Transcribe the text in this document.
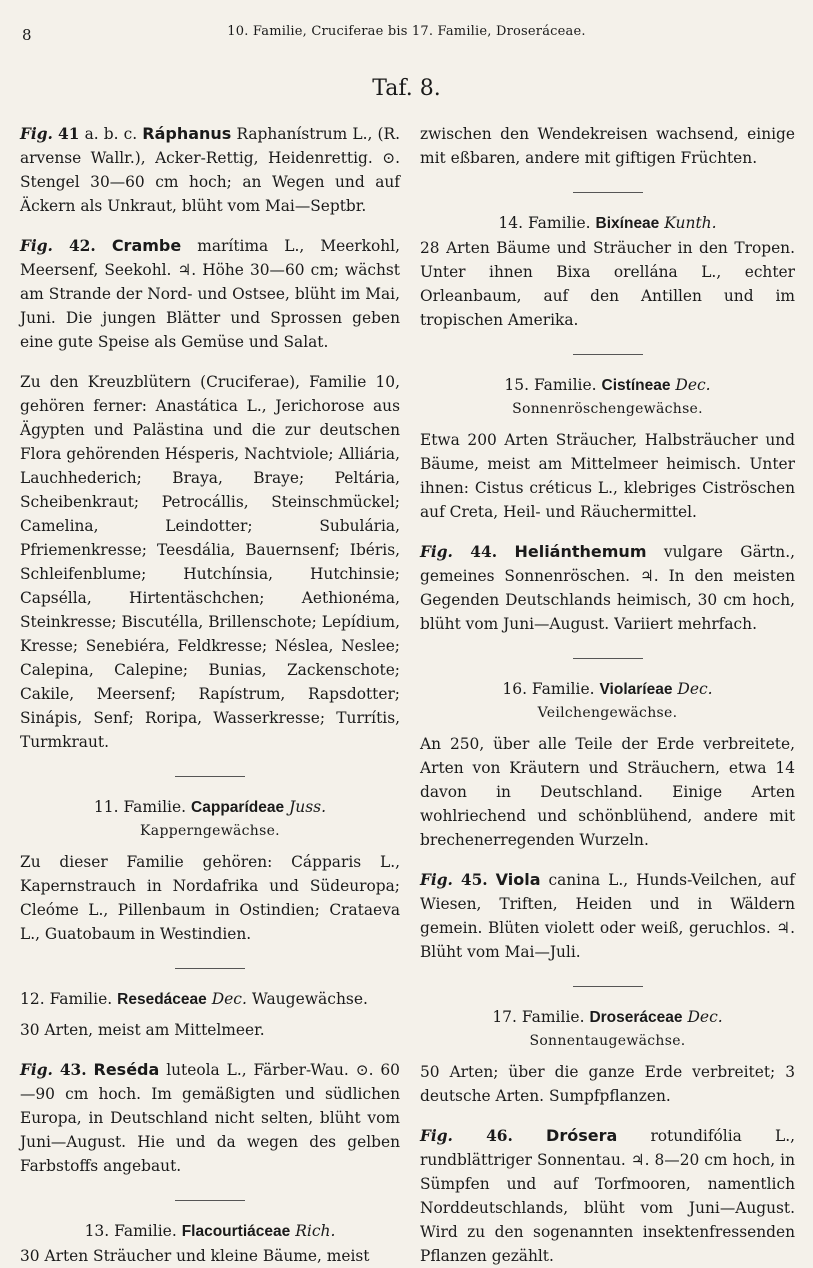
8	10. Familie, Cruciferae bis 17. Familie, Droseráceae.
Taf. 8.

Fig. 41 a. b. c. Ráphanus Raphanístrum L., (R. arvense Wallr.), Acker-Rettig, Heidenrettig. ⊙. Stengel 30—60 cm hoch; an Wegen und auf Äckern als Unkraut, blüht vom Mai—Septbr.

Fig. 42. Crambe marítima L., Meerkohl, Meersenf, Seekohl. ♃. Höhe 30—60 cm; wächst am Strande der Nord- und Ostsee, blüht im Mai, Juni. Die jungen Blätter und Sprossen geben eine gute Speise als Gemüse und Salat.

Zu den Kreuzblütern (Cruciferae), Familie 10, gehören ferner: Anastática L., Jerichorose aus Ägypten und Palästina und die zur deutschen Flora gehörenden Hésperis, Nachtviole; Alliária, Lauchhederich; Braya, Braye; Peltária, Scheibenkraut; Petrocállis, Steinschmückel; Camelina, Leindotter; Subulária, Pfriemenkresse; Teesdália, Bauernsenf; Ibéris, Schleifenblume; Hutchínsia, Hutchinsie; Capsélla, Hirtentäschchen; Aethionéma, Steinkresse; Biscutélla, Brillenschote; Lepídium, Kresse; Senebiéra, Feldkresse; Néslea, Neslee; Calepina, Calepine; Bunias, Zackenschote; Cakile, Meersenf; Rapístrum, Rapsdotter; Sinápis, Senf; Roripa, Wasserkresse; Turrítis, Turmkraut.

11. Familie. Capparídeae Juss.

Kapperngewächse.

Zu dieser Familie gehören: Cápparis L., Kapernstrauch in Nordafrika und Südeuropa; Cleóme L., Pillenbaum in Ostindien; Crataeva L., Guatobaum in Westindien.

12. Familie. Resedáceae Dec. Waugewächse.

30 Arten, meist am Mittelmeer.

Fig. 43. Reséda luteola L., Färber-Wau. ⊙. 60—90 cm hoch. Im gemäßigten und südlichen Europa, in Deutschland nicht selten, blüht vom Juni—August. Hie und da wegen des gelben Farbstoffs angebaut.

13. Familie. Flacourtiáceae Rich.

30 Arten Sträucher und kleine Bäume, meist

zwischen den Wendekreisen wachsend, einige mit eßbaren, andere mit giftigen Früchten.

14. Familie. Bixíneae Kunth.

28 Arten Bäume und Sträucher in den Tropen. Unter ihnen Bixa orellána L., echter Orleanbaum, auf den Antillen und im tropischen Amerika.

15. Familie. Cistíneae Dec.

Sonnenröschengewächse.

Etwa 200 Arten Sträucher, Halbsträucher und Bäume, meist am Mittelmeer heimisch. Unter ihnen: Cistus créticus L., klebriges Ciströschen auf Creta, Heil- und Räuchermittel.

Fig. 44. Heliánthemum vulgare Gärtn., gemeines Sonnenröschen. ♃. In den meisten Gegenden Deutschlands heimisch, 30 cm hoch, blüht vom Juni—August. Variiert mehrfach.

16. Familie. Violaríeae Dec.

Veilchengewächse.

An 250, über alle Teile der Erde verbreitete, Arten von Kräutern und Sträuchern, etwa 14 davon in Deutschland. Einige Arten wohlriechend und schönblühend, andere mit brechenerregenden Wurzeln.

Fig. 45. Viola canina L., Hunds-Veilchen, auf Wiesen, Triften, Heiden und in Wäldern gemein. Blüten violett oder weiß, geruchlos. ♃. Blüht vom Mai—Juli.

17. Familie. Droseráceae Dec.

Sonnentaugewächse.

50 Arten; über die ganze Erde verbreitet; 3 deutsche Arten. Sumpfpflanzen.

Fig. 46. Drósera rotundifólia L., rundblättriger Sonnentau. ♃. 8—20 cm hoch, in Sümpfen und auf Torfmooren, namentlich Norddeutschlands, blüht vom Juni—August. Wird zu den sogenannten insektenfressenden Pflanzen gezählt.
